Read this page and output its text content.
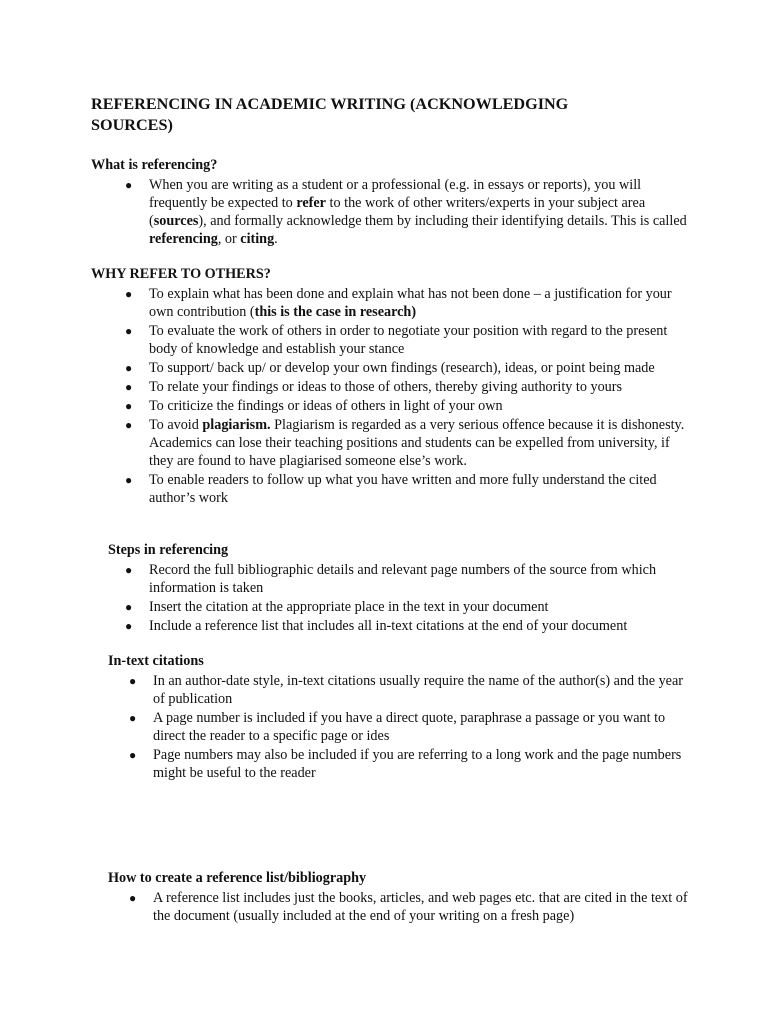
REFERENCING IN ACADEMIC WRITING (ACKNOWLEDGING SOURCES)

What is referencing?

● When you are writing as a student or a professional (e.g. in essays or reports), you will frequently be expected to refer to the work of other writers/experts in your subject area (sources), and formally acknowledge them by including their identifying details. This is called referencing, or citing.

WHY REFER TO OTHERS?

● To explain what has been done and explain what has not been done – a justification for your own contribution (this is the case in research)
● To evaluate the work of others in order to negotiate your position with regard to the present body of knowledge and establish your stance
● To support/ back up/ or develop your own findings (research), ideas, or point being made
● To relate your findings or ideas to those of others, thereby giving authority to yours
● To criticize the findings or ideas of others in light of your own
● To avoid plagiarism. Plagiarism is regarded as a very serious offence because it is dishonesty. Academics can lose their teaching positions and students can be expelled from university, if they are found to have plagiarised someone else’s work.
● To enable readers to follow up what you have written and more fully understand the cited author’s work

Steps in referencing

● Record the full bibliographic details and relevant page numbers of the source from which information is taken
● Insert the citation at the appropriate place in the text in your document
● Include a reference list that includes all in-text citations at the end of your document

In-text citations

● In an author-date style, in-text citations usually require the name of the author(s) and the year of publication
● A page number is included if you have a direct quote, paraphrase a passage or you want to direct the reader to a specific page or ides
● Page numbers may also be included if you are referring to a long work and the page numbers might be useful to the reader

How to create a reference list/bibliography

● A reference list includes just the books, articles, and web pages etc. that are cited in the text of the document (usually included at the end of your writing on a fresh page)
